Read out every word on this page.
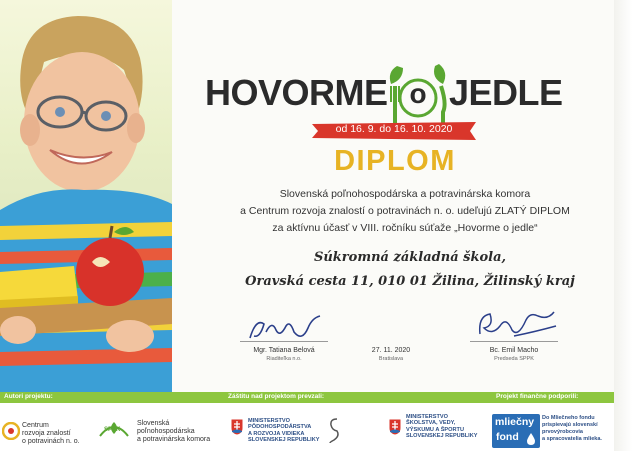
HOVORME o JEDLE
od 16. 9. do 16. 10. 2020
DIPLOM
Slovenská poľnohospodárska a potravinárska komora
a Centrum rozvoja znalostí o potravinách n. o. udeľujú ZLATÝ DIPLOM
za aktívnu účasť v VIII. ročníku súťaže „Hovorme o jedle“
Súkromná základná škola,
Oravská cesta 11, 010 01 Žilina, Žilinský kraj
Mgr. Tatiana Belová
Riaditeľka n.o.
27. 11. 2020
Bratislava
Bc. Emil Macho
Predseda SPPK
Autori projektu:	Záštitu nad projektom prevzali:	Projekt finančne podporili:
Centrum
rozvoja znalostí
o potravinách n. o.
SPPK
Slovenská
poľnohospodárska
a potravinárska komora
MINISTERSTVO
PÔDOHOSPODÁRSTVA
A ROZVOJA VIDIEKA
SLOVENSKEJ REPUBLIKY
MINISTERSTVO
ŠKOLSTVA, VEDY,
VÝSKUMU A ŠPORTU
SLOVENSKEJ REPUBLIKY
mliečny
fond
Do Mliečneho fondu
prispievajú slovenskí
prvovýrobcovia
a spracovatelia mlieka.
